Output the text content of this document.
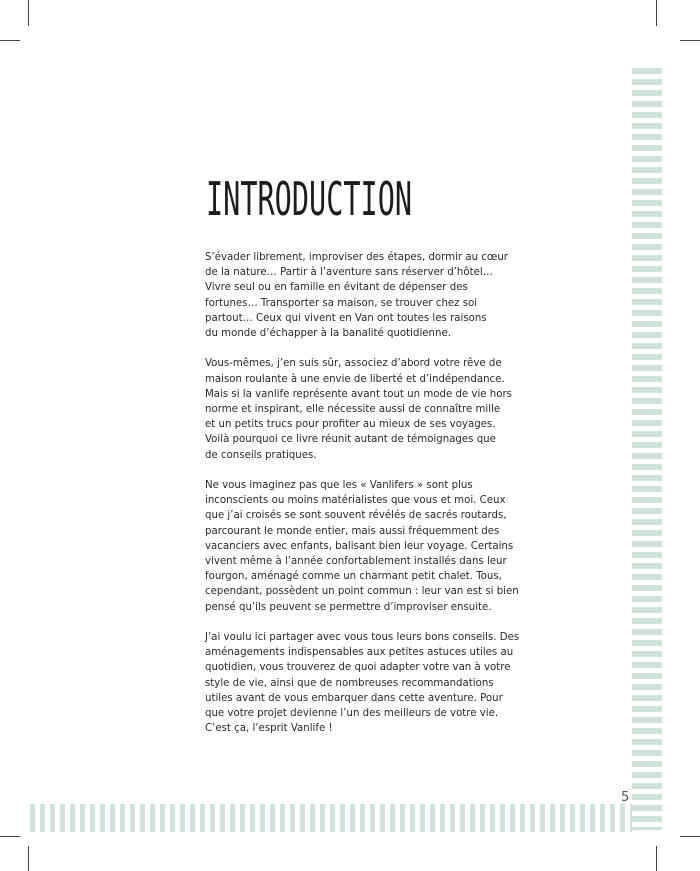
INTRODUCTION

S’évader librement, improviser des étapes, dormir au cœur
de la nature… Partir à l’aventure sans réserver d’hôtel…
Vivre seul ou en famille en évitant de dépenser des
fortunes… Transporter sa maison, se trouver chez soi
partout… Ceux qui vivent en Van ont toutes les raisons
du monde d’échapper à la banalité quotidienne.

Vous-mêmes, j’en suis sûr, associez d’abord votre rêve de
maison roulante à une envie de liberté et d’indépendance.
Mais si la vanlife représente avant tout un mode de vie hors
norme et inspirant, elle nécessite aussi de connaître mille
et un petits trucs pour profiter au mieux de ses voyages.
Voilà pourquoi ce livre réunit autant de témoignages que
de conseils pratiques.

Ne vous imaginez pas que les « Vanlifers » sont plus
inconscients ou moins matérialistes que vous et moi. Ceux
que j’ai croisés se sont souvent révélés de sacrés routards,
parcourant le monde entier, mais aussi fréquemment des
vacanciers avec enfants, balisant bien leur voyage. Certains
vivent même à l’année confortablement installés dans leur
fourgon, aménagé comme un charmant petit chalet. Tous,
cependant, possèdent un point commun : leur van est si bien
pensé qu’ils peuvent se permettre d’improviser ensuite.

J’ai voulu ici partager avec vous tous leurs bons conseils. Des
aménagements indispensables aux petites astuces utiles au
quotidien, vous trouverez de quoi adapter votre van à votre
style de vie, ainsi que de nombreuses recommandations
utiles avant de vous embarquer dans cette aventure. Pour
que votre projet devienne l’un des meilleurs de votre vie.
C’est ça, l’esprit Vanlife !

5
